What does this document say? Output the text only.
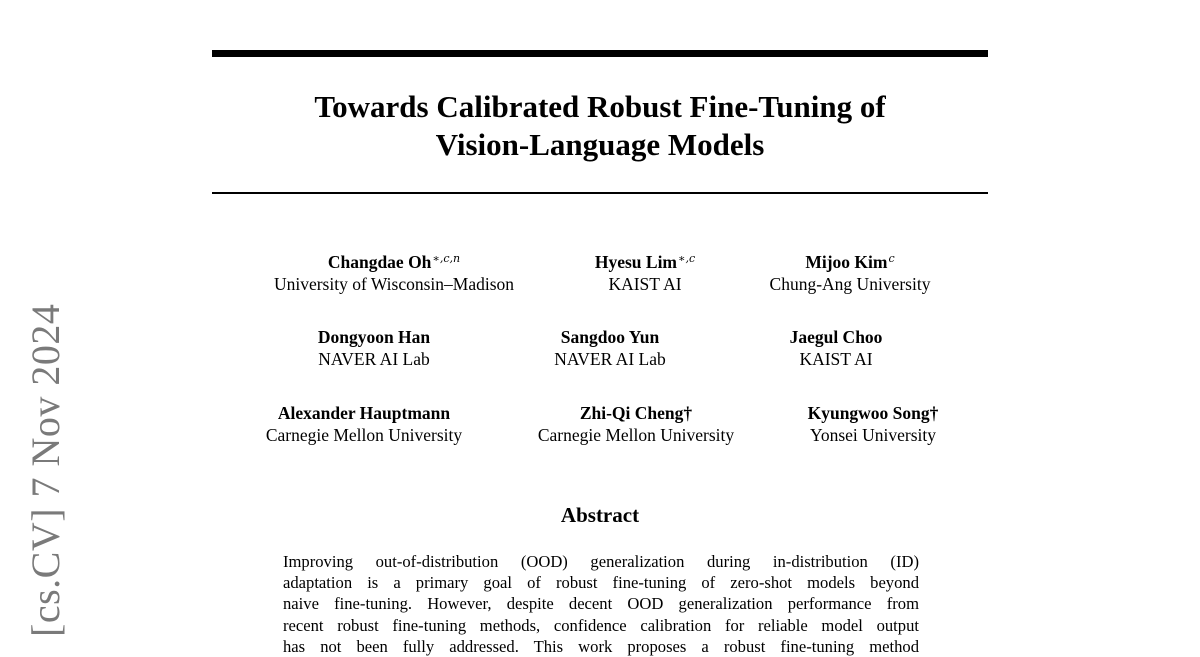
[cs.CV] 7 Nov 2024
Towards Calibrated Robust Fine-Tuning of
Vision-Language Models
Changdae $Oh^{∗,c,n}$
University of Wisconsin–Madison
Hyesu Lim$^{∗,c}$
KAIST AI
Mijoo Kim$^c$
Chung-Ang University
Dongyoon Han
NAVER AI Lab
Sangdoo Yun
NAVER AI Lab
Jaegul Choo
KAIST AI
Alexander Hauptmann
Carnegie Mellon University
Zhi-Qi Cheng†
Carnegie Mellon University
Kyungwoo Song†
Yonsei University
Abstract
Improving out-of-distribution (OOD) generalization during in-distribution (ID)
adaptation is a primary goal of robust fine-tuning of zero-shot models beyond
naive fine-tuning. However, despite decent OOD generalization performance from
recent robust fine-tuning methods, confidence calibration for reliable model output
has not been fully addressed. This work proposes a robust fine-tuning method
